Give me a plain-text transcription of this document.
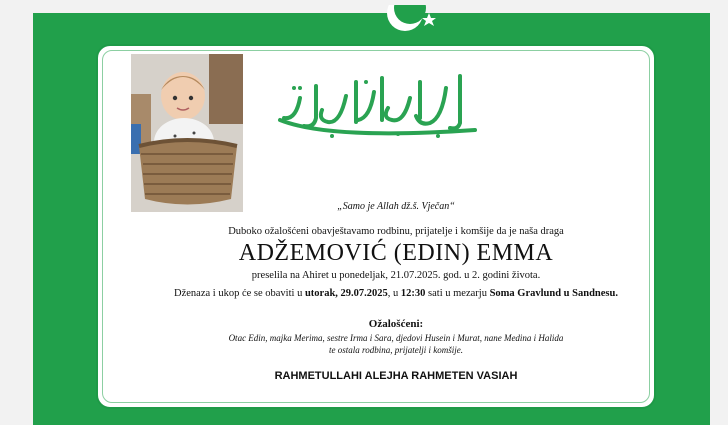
„Samo je Allah dž.š. Vječan“
Duboko ožalošćeni obavještavamo rodbinu, prijatelje i komšije da je naša draga
ADŽEMOVIĆ (EDIN) EMMA
preselila na Ahiret u ponedeljak, 21.07.2025. god. u 2. godini života.
Dženaza i ukop će se obaviti u utorak, 29.07.2025, u 12:30 sati u mezarju Soma Gravlund u Sandnesu.
Ožalošćeni:
Otac Edin, majka Merima, sestre Irma i Sara, djedovi Husein i Murat, nane Medina i Halida
te ostala rodbina, prijatelji i komšije.
RAHMETULLAHI ALEJHA RAHMETEN VASIAH
